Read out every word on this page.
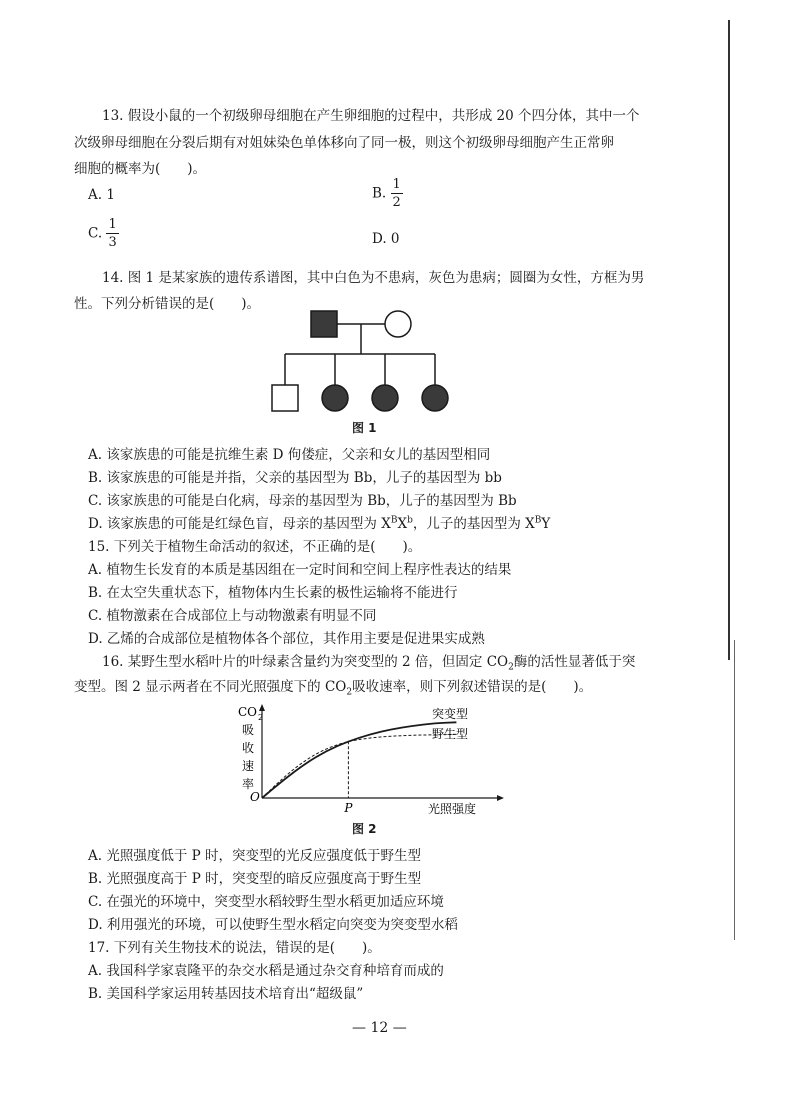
13. 假设小鼠的一个初级卵母细胞在产生卵细胞的过程中，共形成 20 个四分体，其中一个
次级卵母细胞在分裂后期有对姐妹染色单体移向了同一极，则这个初级卵母细胞产生正常卵
细胞的概率为(　　)。
A. 1	B. $\frac{1}{2}$
C. $\frac{1}{3}$	D. 0
14. 图 1 是某家族的遗传系谱图，其中白色为不患病，灰色为患病；圆圈为女性，方框为男
性。下列分析错误的是(　　)。
图 1
A. 该家族患的可能是抗维生素 D 佝偻症，父亲和女儿的基因型相同
B. 该家族患的可能是并指，父亲的基因型为 Bb，儿子的基因型为 bb
C. 该家族患的可能是白化病，母亲的基因型为 Bb，儿子的基因型为 Bb
D. 该家族患的可能是红绿色盲，母亲的基因型为 $X^BX^b$，儿子的基因型为 $X^BY$
15. 下列关于植物生命活动的叙述，不正确的是(　　)。
A. 植物生长发育的本质是基因组在一定时间和空间上程序性表达的结果
B. 在太空失重状态下，植物体内生长素的极性运输将不能进行
C. 植物激素在合成部位上与动物激素有明显不同
D. 乙烯的合成部位是植物体各个部位，其作用主要是促进果实成熟
16. 某野生型水稻叶片的叶绿素含量约为突变型的 2 倍，但固定 $CO_2$酶的活性显著低于突
变型。图 2 显示两者在不同光照强度下的 $CO_2$吸收速率，则下列叙述错误的是(　　)。
CO 2
吸
收
速
率
O
光照强度
P
突变型
野生型
图 2
A. 光照强度低于 P 时，突变型的光反应强度低于野生型
B. 光照强度高于 P 时，突变型的暗反应强度高于野生型
C. 在强光的环境中，突变型水稻较野生型水稻更加适应环境
D. 利用强光的环境，可以使野生型水稻定向突变为突变型水稻
17. 下列有关生物技术的说法，错误的是(　　)。
A. 我国科学家袁隆平的杂交水稻是通过杂交育种培育而成的
B. 美国科学家运用转基因技术培育出“超级鼠”
— 12 —
